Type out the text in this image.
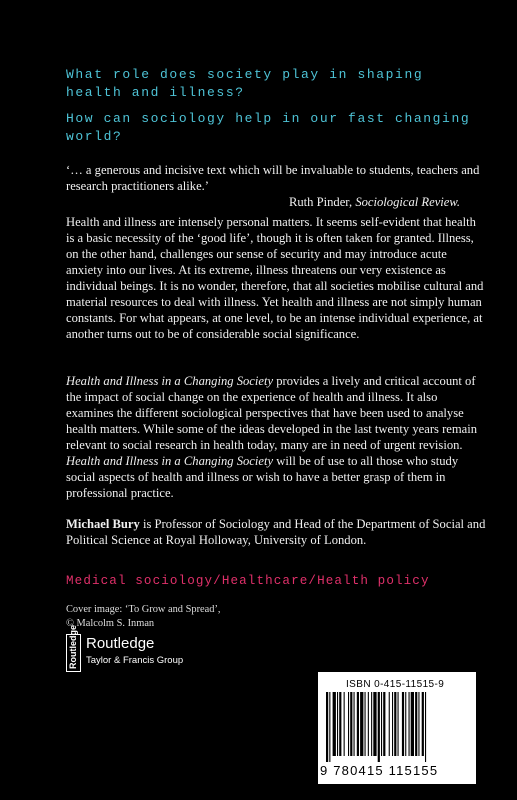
What role does society play in shaping health and illness?
How can sociology help in our fast changing world?
‘… a generous and incisive text which will be invaluable to students, teachers and research practitioners alike.’
Ruth Pinder, Sociological Review.

Health and illness are intensely personal matters. It seems self-evident that health is a basic necessity of the ‘good life’, though it is often taken for granted. Illness, on the other hand, challenges our sense of security and may introduce acute anxiety into our lives. At its extreme, illness threatens our very existence as individual beings. It is no wonder, therefore, that all societies mobilise cultural and material resources to deal with illness. Yet health and illness are not simply human constants. For what appears, at one level, to be an intense individual experience, at another turns out to be of considerable social significance.

Health and Illness in a Changing Society provides a lively and critical account of the impact of social change on the experience of health and illness. It also examines the different sociological perspectives that have been used to analyse health matters. While some of the ideas developed in the last twenty years remain relevant to social research in health today, many are in need of urgent revision. Health and Illness in a Changing Society will be of use to all those who study social aspects of health and illness or wish to have a better grasp of them in professional practice.

Michael Bury is Professor of Sociology and Head of the Department of Social and Political Science at Royal Holloway, University of London.

Medical sociology/Healthcare/Health policy
Cover image: ‘To Grow and Spread’,
© Malcolm S. Inman
Routledge Routledge
Taylor & Francis Group
ISBN 0-415-11515-9
9 780415 115155
